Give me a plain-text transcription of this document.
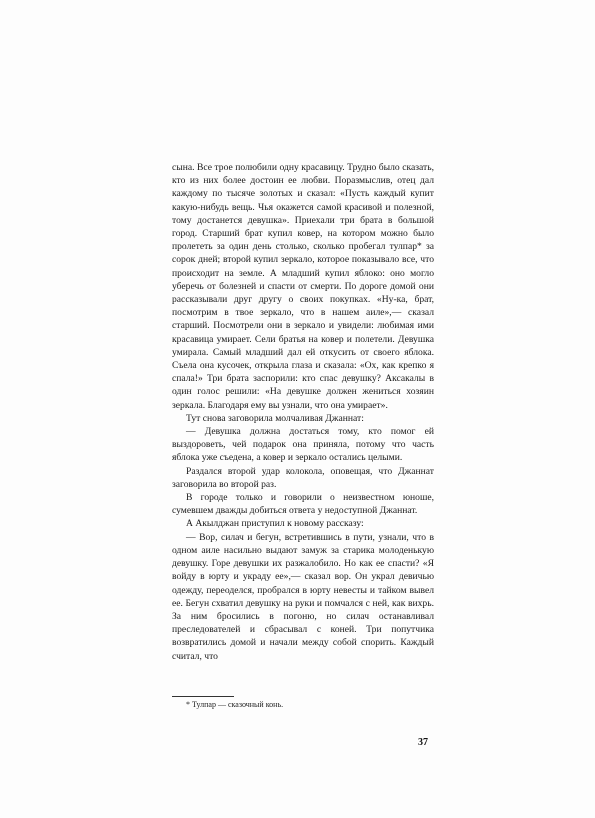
сына. Все трое полюбили одну красавицу. Трудно было сказать, кто из них более достоин ее любви. Поразмыслив, отец дал каждому по тысяче золотых и сказал: «Пусть каждый купит какую-нибудь вещь. Чья окажется самой красивой и полезной, тому достанется девушка». Приехали три брата в большой город. Старший брат купил ковер, на котором можно было пролететь за один день столько, сколько пробегал тулпар* за сорок дней; второй купил зеркало, которое показывало все, что происходит на земле. А младший купил яблоко: оно могло уберечь от болезней и спасти от смерти. По дороге домой они рассказывали друг другу о своих покупках. «Ну-ка, брат, посмотрим в твое зеркало, что в нашем аиле»,— сказал старший. Посмотрели они в зеркало и увидели: любимая ими красавица умирает. Сели братья на ковер и полетели. Девушка умирала. Самый младший дал ей откусить от своего яблока. Съела она кусочек, открыла глаза и сказала: «Ох, как крепко я спала!» Три брата заспорили: кто спас девушку? Аксакалы в один голос решили: «На девушке должен жениться хозяин зеркала. Благодаря ему вы узнали, что она умирает».

Тут снова заговорила молчаливая Джаннат:

— Девушка должна достаться тому, кто помог ей выздороветь, чей подарок она приняла, потому что часть яблока уже съедена, а ковер и зеркало остались целыми.

Раздался второй удар колокола, оповещая, что Джаннат заговорила во второй раз.

В городе только и говорили о неизвестном юноше, сумевшем дважды добиться ответа у недоступной Джаннат.

А Акылджан приступил к новому рассказу:

— Вор, силач и бегун, встретившись в пути, узнали, что в одном аиле насильно выдают замуж за старика молоденькую девушку. Горе девушки их разжалобило. Но как ее спасти? «Я войду в юрту и украду ее»,— сказал вор. Он украл девичью одежду, переоделся, пробрался в юрту невесты и тайком вывел ее. Бегун схватил девушку на руки и помчался с ней, как вихрь. За ним бросились в погоню, но силач останавливал преследователей и сбрасывал с коней. Три попутчика возвратились домой и начали между собой спорить. Каждый считал, что

* Тулпар — сказочный конь.
37
